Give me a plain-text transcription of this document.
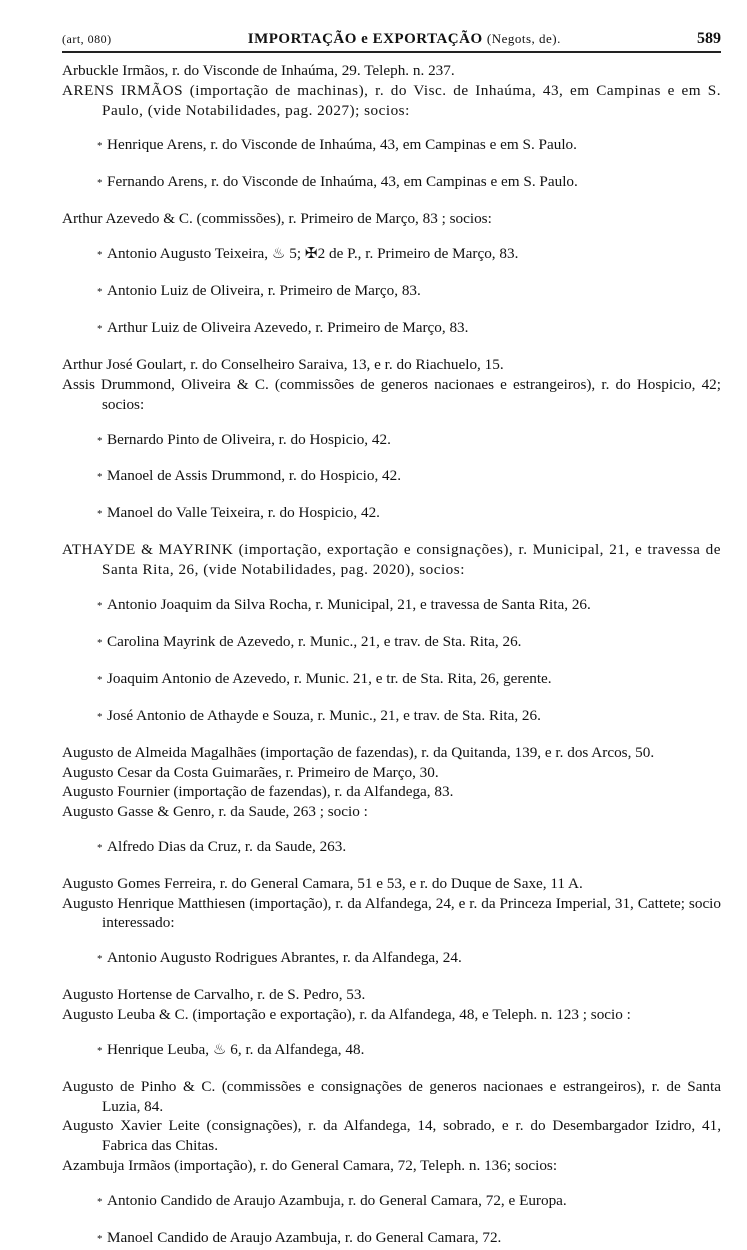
(art, 080)	IMPORTAÇÃO e EXPORTAÇÃO (Negots, de).	589

Arbuckle Irmãos, r. do Visconde de Inhaúma, 29. Teleph. n. 237.

ARENS IRMÃOS (importação de machinas), r. do Visc. de Inhaúma, 43, em Campinas e em S. Paulo, (vide Notabilidades, pag. 2027); socios:

* Henrique Arens, r. do Visconde de Inhaúma, 43, em Campinas e em S. Paulo.

* Fernando Arens, r. do Visconde de Inhaúma, 43, em Campinas e em S. Paulo.

Arthur Azevedo & C. (commissões), r. Primeiro de Março, 83 ; socios:

* Antonio Augusto Teixeira, ♨ 5; ✠2 de P., r. Primeiro de Março, 83.

* Antonio Luiz de Oliveira, r. Primeiro de Março, 83.

* Arthur Luiz de Oliveira Azevedo, r. Primeiro de Março, 83.

Arthur José Goulart, r. do Conselheiro Saraiva, 13, e r. do Riachuelo, 15.

Assis Drummond, Oliveira & C. (commissões de generos nacionaes e estrangeiros), r. do Hospicio, 42; socios:

* Bernardo Pinto de Oliveira, r. do Hospicio, 42.

* Manoel de Assis Drummond, r. do Hospicio, 42.

* Manoel do Valle Teixeira, r. do Hospicio, 42.

ATHAYDE & MAYRINK (importação, exportação e consignações), r. Municipal, 21, e travessa de Santa Rita, 26, (vide Notabilidades, pag. 2020), socios:

* Antonio Joaquim da Silva Rocha, r. Municipal, 21, e travessa de Santa Rita, 26.

* Carolina Mayrink de Azevedo, r. Munic., 21, e trav. de Sta. Rita, 26.

* Joaquim Antonio de Azevedo, r. Munic. 21, e tr. de Sta. Rita, 26, gerente.

* José Antonio de Athayde e Souza, r. Munic., 21, e trav. de Sta. Rita, 26.

Augusto de Almeida Magalhães (importação de fazendas), r. da Quitanda, 139, e r. dos Arcos, 50.

Augusto Cesar da Costa Guimarães, r. Primeiro de Março, 30.

Augusto Fournier (importação de fazendas), r. da Alfandega, 83.

Augusto Gasse & Genro, r. da Saude, 263 ; socio :

* Alfredo Dias da Cruz, r. da Saude, 263.

Augusto Gomes Ferreira, r. do General Camara, 51 e 53, e r. do Duque de Saxe, 11 A.

Augusto Henrique Matthiesen (importação), r. da Alfandega, 24, e r. da Princeza Imperial, 31, Cattete; socio interessado:

* Antonio Augusto Rodrigues Abrantes, r. da Alfandega, 24.

Augusto Hortense de Carvalho, r. de S. Pedro, 53.

Augusto Leuba & C. (importação e exportação), r. da Alfandega, 48, e Teleph. n. 123 ; socio :

* Henrique Leuba, ♨ 6, r. da Alfandega, 48.

Augusto de Pinho & C. (commissões e consignações de generos nacionaes e estrangeiros), r. de Santa Luzia, 84.

Augusto Xavier Leite (consignações), r. da Alfandega, 14, sobrado, e r. do Desembargador Izidro, 41, Fabrica das Chitas.

Azambuja Irmãos (importação), r. do General Camara, 72, Teleph. n. 136; socios:

* Antonio Candido de Araujo Azambuja, r. do General Camara, 72, e Europa.

* Manoel Candido de Araujo Azambuja, r. do General Camara, 72.
